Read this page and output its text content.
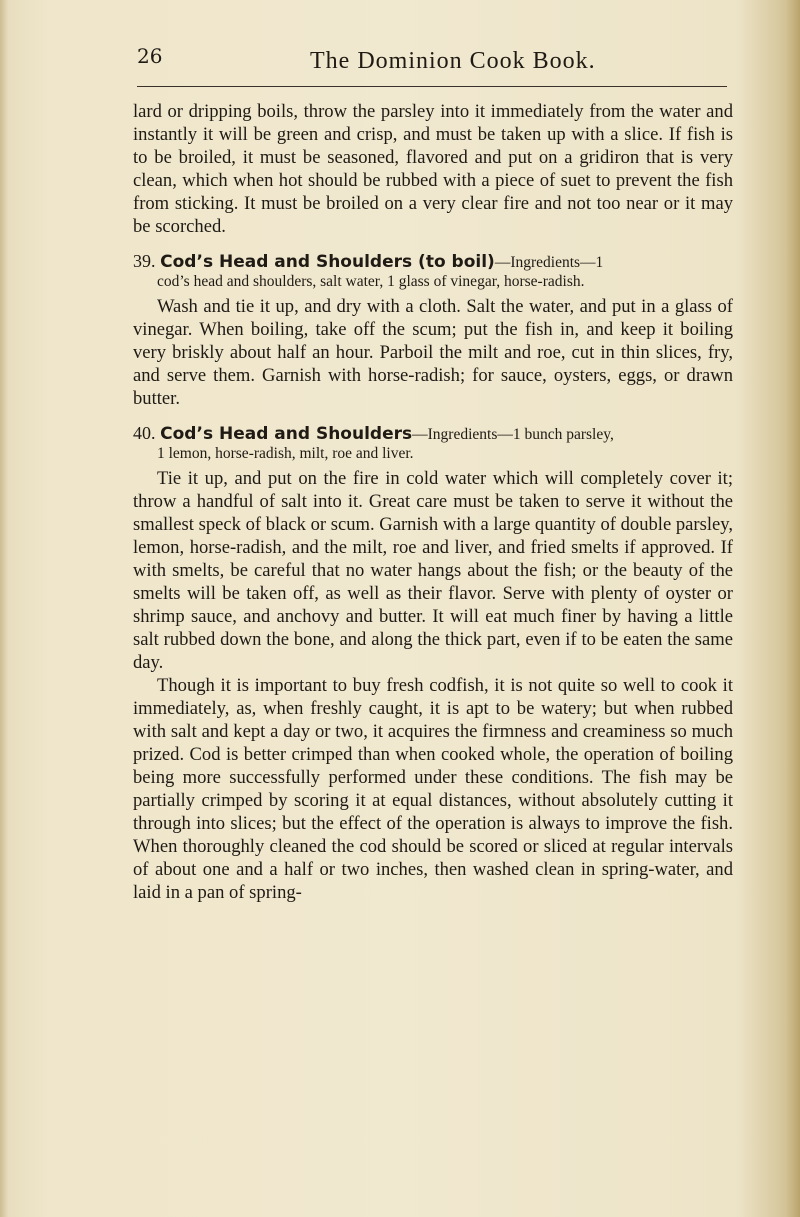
26	The Dominion Cook Book.

lard or dripping boils, throw the parsley into it immediately from the water and instantly it will be green and crisp, and must be taken up with a slice. If fish is to be broiled, it must be seasoned, flavored and put on a gridiron that is very clean, which when hot should be rubbed with a piece of suet to prevent the fish from sticking. It must be broiled on a very clear fire and not too near or it may be scorched.

39. Cod’s Head and Shoulders (to boil)—Ingredients—1
cod’s head and shoulders, salt water, 1 glass of vinegar, horse-radish.

Wash and tie it up, and dry with a cloth. Salt the water, and put in a glass of vinegar. When boiling, take off the scum; put the fish in, and keep it boiling very briskly about half an hour. Parboil the milt and roe, cut in thin slices, fry, and serve them. Garnish with horse-radish; for sauce, oysters, eggs, or drawn butter.

40. Cod’s Head and Shoulders—Ingredients—1 bunch parsley,
1 lemon, horse-radish, milt, roe and liver.

Tie it up, and put on the fire in cold water which will completely cover it; throw a handful of salt into it. Great care must be taken to serve it without the smallest speck of black or scum. Garnish with a large quantity of double parsley, lemon, horse-radish, and the milt, roe and liver, and fried smelts if approved. If with smelts, be careful that no water hangs about the fish; or the beauty of the smelts will be taken off, as well as their flavor. Serve with plenty of oyster or shrimp sauce, and anchovy and butter. It will eat much finer by having a little salt rubbed down the bone, and along the thick part, even if to be eaten the same day.

Though it is important to buy fresh codfish, it is not quite so well to cook it immediately, as, when freshly caught, it is apt to be watery; but when rubbed with salt and kept a day or two, it acquires the firmness and creaminess so much prized. Cod is better crimped than when cooked whole, the operation of boiling being more successfully performed under these conditions. The fish may be partially crimped by scoring it at equal distances, without absolutely cutting it through into slices; but the effect of the operation is always to improve the fish. When thoroughly cleaned the cod should be scored or sliced at regular intervals of about one and a half or two inches, then washed clean in spring-water, and laid in a pan of spring-
